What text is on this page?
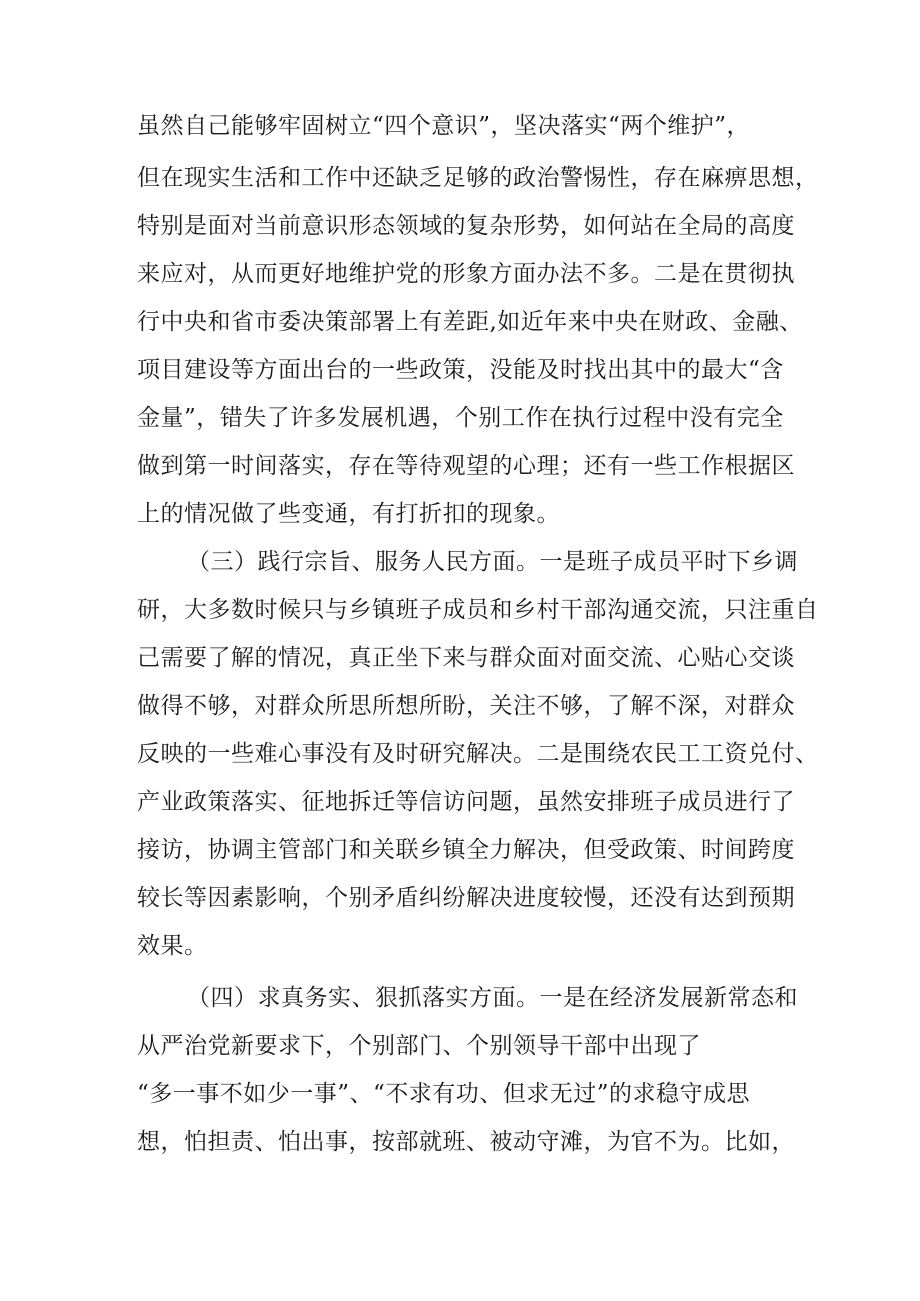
虽然自己能够牢固树立“四个意识”，坚决落实“两个维护”，
但在现实生活和工作中还缺乏足够的政治警惕性，存在麻痹思想，
特别是面对当前意识形态领域的复杂形势，如何站在全局的高度
来应对，从而更好地维护党的形象方面办法不多。二是在贯彻执
行中央和省市委决策部署上有差距,如近年来中央在财政、金融、
项目建设等方面出台的一些政策，没能及时找出其中的最大“含
金量”，错失了许多发展机遇，个别工作在执行过程中没有完全
做到第一时间落实，存在等待观望的心理；还有一些工作根据区
上的情况做了些变通，有打折扣的现象。
（三）践行宗旨、服务人民方面。一是班子成员平时下乡调
研，大多数时候只与乡镇班子成员和乡村干部沟通交流，只注重自
己需要了解的情况，真正坐下来与群众面对面交流、心贴心交谈
做得不够，对群众所思所想所盼，关注不够，了解不深，对群众
反映的一些难心事没有及时研究解决。二是围绕农民工工资兑付、
产业政策落实、征地拆迁等信访问题，虽然安排班子成员进行了
接访，协调主管部门和关联乡镇全力解决，但受政策、时间跨度
较长等因素影响，个别矛盾纠纷解决进度较慢，还没有达到预期
效果。
（四）求真务实、狠抓落实方面。一是在经济发展新常态和
从严治党新要求下，个别部门、个别领导干部中出现了
“多一事不如少一事”、“不求有功、但求无过”的求稳守成思
想，怕担责、怕出事，按部就班、被动守滩，为官不为。比如，
